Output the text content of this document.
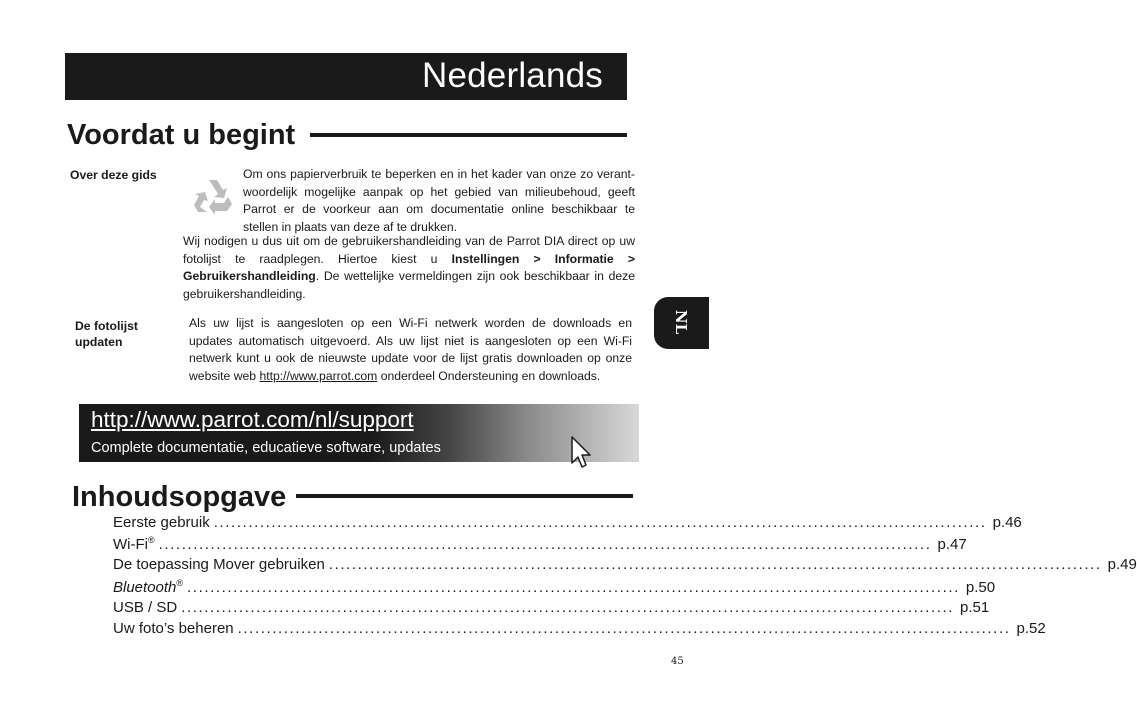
Nederlands
Voordat u begint
Over deze gids	Om ons papierverbruik te beperken en in het kader van onze zo verant-
woordelijk mogelijke aanpak op het gebied van milieubehoud, geeft
Parrot er de voorkeur aan om documentatie online beschikbaar te
stellen in plaats van deze af te drukken.
Wij nodigen u dus uit om de gebruikershandleiding van de Parrot DIA direct op uw fotolijst te raadplegen. Hiertoe kiest u Instellingen > Informatie > Gebruikershandleiding. De wettelijke vermeldingen zijn ook beschikbaar in deze gebruikershandleiding.
De fotolijst
updaten
Als uw lijst is aangesloten op een Wi-Fi netwerk worden de downloads en updates automatisch uitgevoerd. Als uw lijst niet is aangesloten op een Wi-Fi netwerk kunt u ook de nieuwste update voor de lijst gratis downloaden op onze website web http://www.parrot.com onderdeel Ondersteuning en downloads.
NL
http://www.parrot.com/nl/support
Complete documentatie, educatieve software, updates
Inhoudsopgave
Eerste gebruik ...................................................................................................................................... p.46
Wi-Fi® ...................................................................................................................................... p.47
De toepassing Mover gebruiken ...................................................................................................................................... p.49
Bluetooth® ...................................................................................................................................... p.50
USB / SD ...................................................................................................................................... p.51
Uw foto’s beheren ...................................................................................................................................... p.52
45
